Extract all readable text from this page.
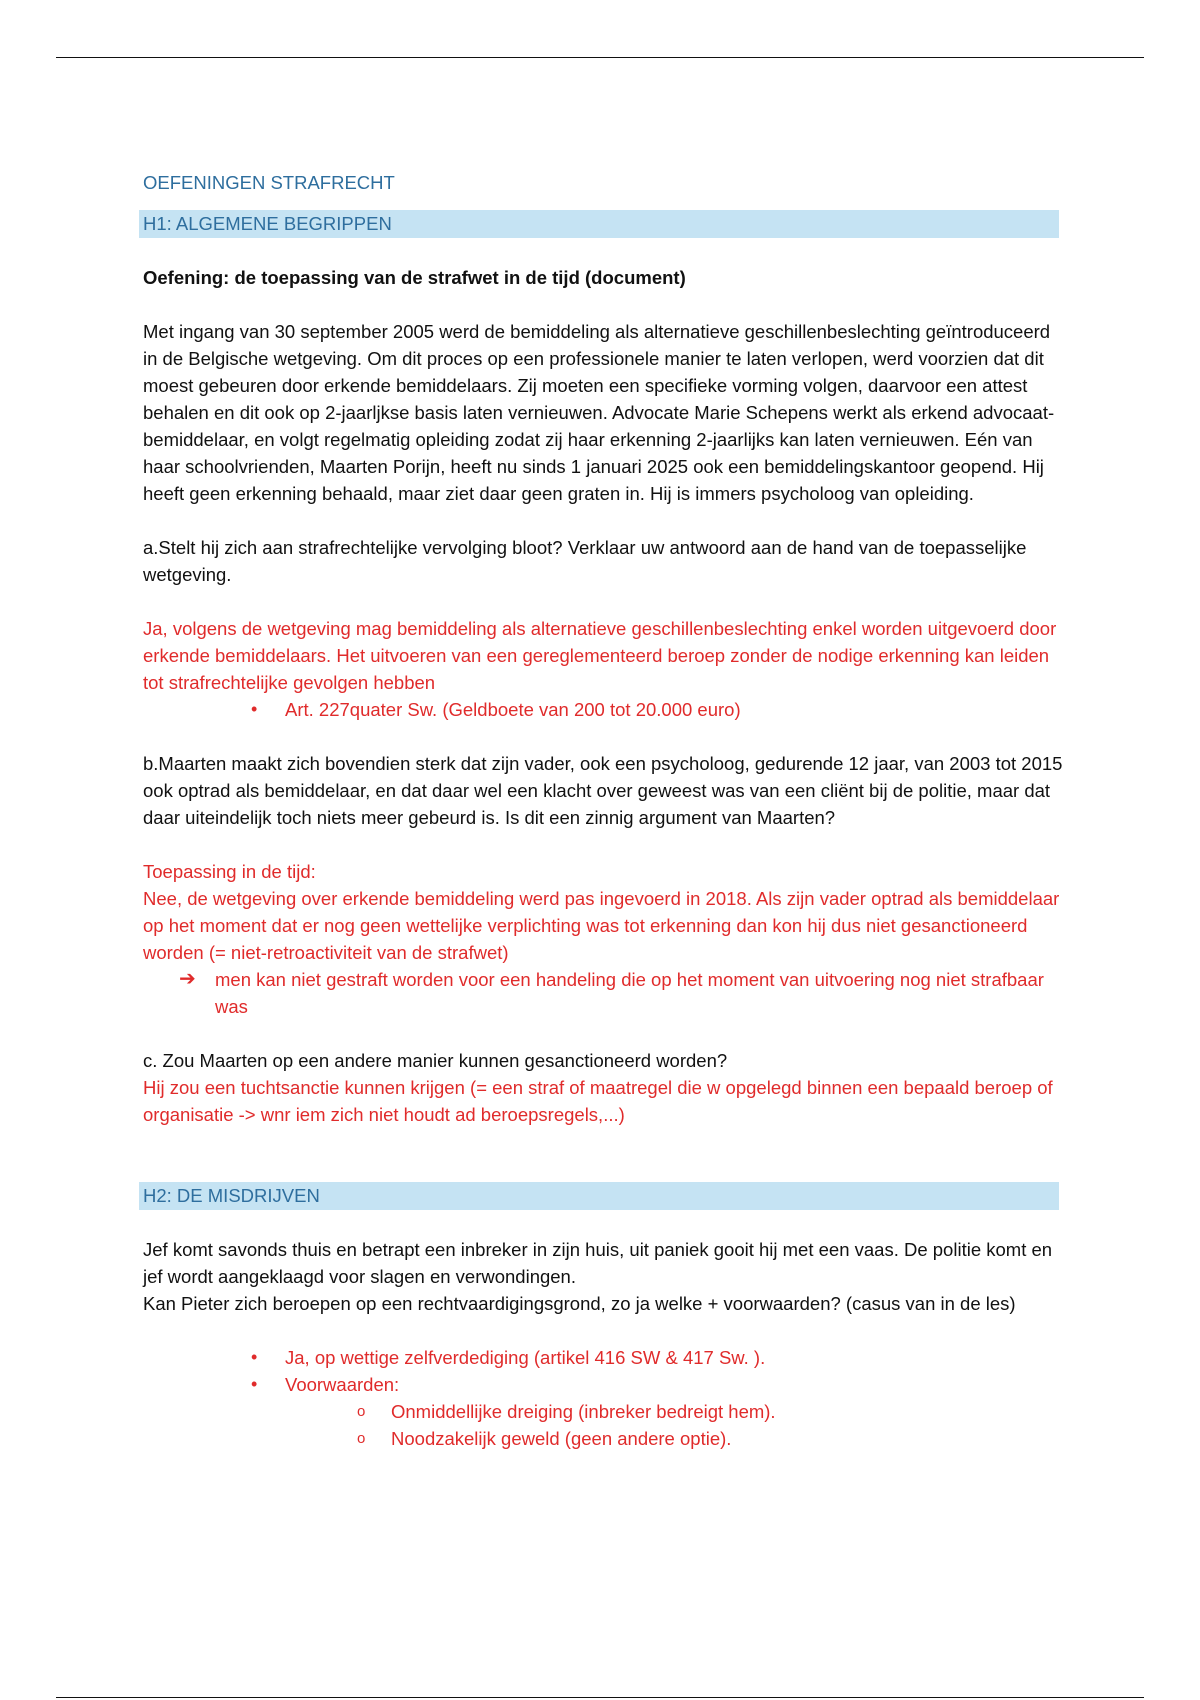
OEFENINGEN STRAFRECHT
H1: ALGEMENE BEGRIPPEN

Oefening: de toepassing van de strafwet in de tijd (document)

Met ingang van 30 september 2005 werd de bemiddeling als alternatieve geschillenbeslechting geïntroduceerd in de Belgische wetgeving. Om dit proces op een professionele manier te laten verlopen, werd voorzien dat dit moest gebeuren door erkende bemiddelaars. Zij moeten een specifieke vorming volgen, daarvoor een attest behalen en dit ook op 2-jaarljkse basis laten vernieuwen. Advocate Marie Schepens werkt als erkend advocaat-bemiddelaar, en volgt regelmatig opleiding zodat zij haar erkenning 2-jaarlijks kan laten vernieuwen. Eén van haar schoolvrienden, Maarten Porijn, heeft nu sinds 1 januari 2025 ook een bemiddelingskantoor geopend. Hij heeft geen erkenning behaald, maar ziet daar geen graten in. Hij is immers psycholoog van opleiding.

a.Stelt hij zich aan strafrechtelijke vervolging bloot? Verklaar uw antwoord aan de hand van de toepasselijke wetgeving.

Ja, volgens de wetgeving mag bemiddeling als alternatieve geschillenbeslechting enkel worden uitgevoerd door erkende bemiddelaars. Het uitvoeren van een gereglementeerd beroep zonder de nodige erkenning kan leiden tot strafrechtelijke gevolgen hebben

• Art. 227quater Sw. (Geldboete van 200 tot 20.000 euro)

b.Maarten maakt zich bovendien sterk dat zijn vader, ook een psycholoog, gedurende 12 jaar, van 2003 tot 2015 ook optrad als bemiddelaar, en dat daar wel een klacht over geweest was van een cliënt bij de politie, maar dat daar uiteindelijk toch niets meer gebeurd is. Is dit een zinnig argument van Maarten?

Toepassing in de tijd:

Nee, de wetgeving over erkende bemiddeling werd pas ingevoerd in 2018. Als zijn vader optrad als bemiddelaar op het moment dat er nog geen wettelijke verplichting was tot erkenning dan kon hij dus niet gesanctioneerd worden (= niet-retroactiviteit van de strafwet)

➔ men kan niet gestraft worden voor een handeling die op het moment van uitvoering nog niet strafbaar was

c. Zou Maarten op een andere manier kunnen gesanctioneerd worden?

Hij zou een tuchtsanctie kunnen krijgen (= een straf of maatregel die w opgelegd binnen een bepaald beroep of organisatie -> wnr iem zich niet houdt ad beroepsregels,...)

H2: DE MISDRIJVEN

Jef komt savonds thuis en betrapt een inbreker in zijn huis, uit paniek gooit hij met een vaas. De politie komt en jef wordt aangeklaagd voor slagen en verwondingen.

Kan Pieter zich beroepen op een rechtvaardigingsgrond, zo ja welke + voorwaarden? (casus van in de les)

• Ja, op wettige zelfverdediging (artikel 416 SW & 417 Sw. ).
• Voorwaarden:
o Onmiddellijke dreiging (inbreker bedreigt hem).
o Noodzakelijk geweld (geen andere optie).
